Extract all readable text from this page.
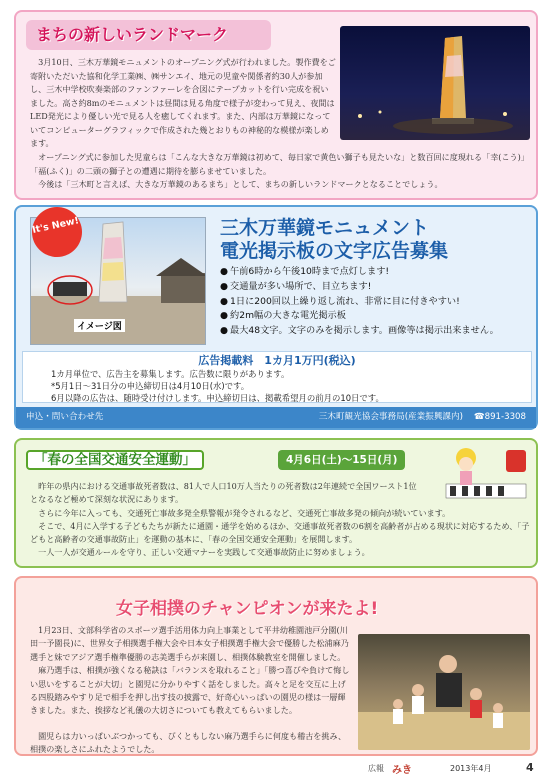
まちの新しいランドマーク
　3月10日、三木万華鏡モニュメントのオープニング式が行われました。製作費をご寄附いただいた協和化学工業㈱、㈱サンエイ、地元の児童や関係者約30人が参加し、三木中学校吹奏楽部のファンファーレを合図にテープカットを行い完成を祝いました。高さ約8mのモニュメントは昼間は見る角度で様子が変わって見え、夜間はLED発光により優しい光で見る人を癒してくれます。また、内部は万華鏡になっていてコンピューターグラフィックで作成された幾とおりもの神秘的な模様が楽しめます。
　オープニング式に参加した児童らは「こんな大きな万華鏡は初めて、毎日家で黄色い獅子も見たいな」と数百回に度現れる「幸(こう)」「福(ふく)」の二頭の獅子との遭遇に期待を膨らませていました。
　今後は「三木町と言えば、大きな万華鏡のあるまち」として、まちの新しいランドマークとなることでしょう。
イメージ図
It's New!	三木万華鏡モニュメント
電光掲示板の文字広告募集
● 午前6時から午後10時まで点灯します!
● 交通量が多い場所で、目立ちます!
● 1日に200回以上繰り返し流れ、非常に目に付きやすい!
● 約2m幅の大きな電光掲示板
● 最大48文字。文字のみを掲示します。画像等は掲示出来ません。
広告掲載料　1カ月1万円(税込)
1カ月単位で、広告主を募集します。広告数に限りがあります。
*5月1日〜31日分の申込締切日は4月10日(水)です。
6月以降の広告は、随時受け付けします。申込締切日は、掲載希望月の前月の10日です。
申込・問い合わせ先	三木町観光協会事務局(産業振興課内) ☎891-3308
「春の全国交通安全運動」	4月6日(土)〜15日(月)
　昨年の県内における交通事故死者数は、81人で人口10万人当たりの死者数は2年連続で全国ワースト1位となるなど極めて深刻な状況にあります。
　さらに今年に入っても、交通死亡事故多発全県警報が発令されるなど、交通死亡事故多発の傾向が続いています。
　そこで、4月に入学する子どもたちが新たに通園・通学を始めるほか、交通事故死者数の6割を高齢者が占める現状に対応するため、「子どもと高齢者の交通事故防止」を運動の基本に、「春の全国交通安全運動」を展開します。
　一人一人が交通ルールを守り、正しい交通マナーを実践して交通事故防止に努めましょう。
女子相撲のチャンピオンが来たよ!
　1月23日、文部科学省のスポーツ選手活用体力向上事業として平井幼稚園池戸分園(川田一予園長)に、世界女子相撲選手権大会や日本女子相撲選手権大会で優勝した松浦麻乃選手と妹でアジア選手権準優勝の志美選手らが来園し、相撲体験教室を開催しました。
　麻乃選手は、相撲が強くなる秘訣は「バランスを取れること」「勝つ喜びや負けて悔しい思いをすることが大切」と園児に分かりやすく話をしました。高々と足を交互に上げる四股踏みやすり足で相手を押し出す技の披露で、好奇心いっぱいの園児の様は一層輝きました。また、挨拶など礼儀の大切さについても教えてもらいました。
　園児らは力いっぱいぶつかっても、びくともしない麻乃選手らに何度も稽古を挑み、相撲の楽しさにふれたようでした。
広報 みき	2013年4月	4
